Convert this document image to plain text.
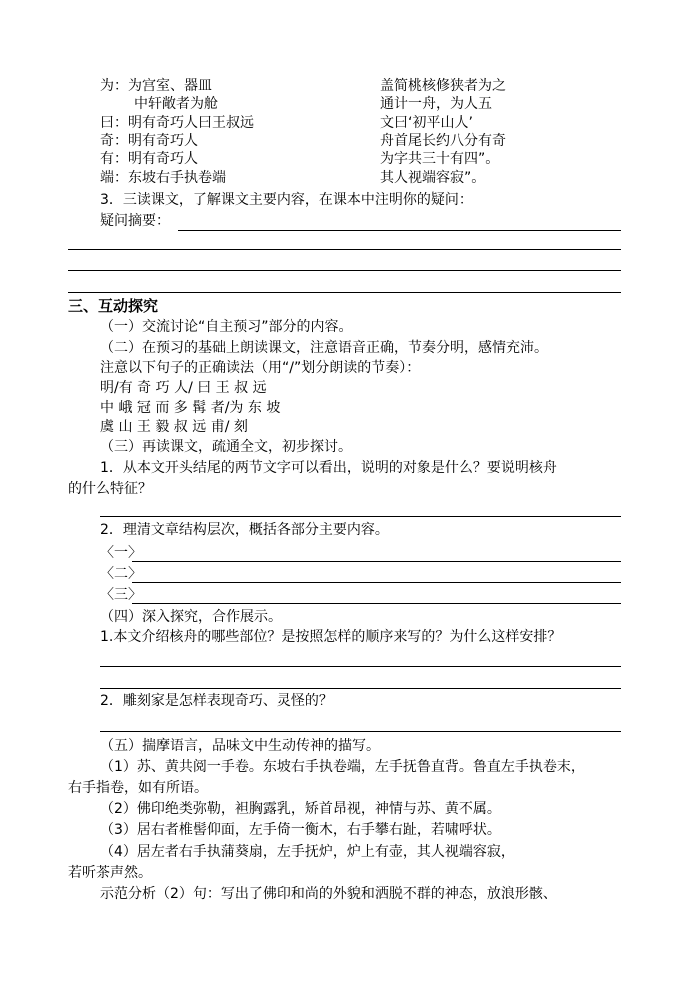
为：为宫室、器皿
中轩敞者为舱
曰：明有奇巧人曰王叔远
奇：明有奇巧人
有：明有奇巧人
端：东坡右手执卷端
盖简桃核修狭者为之
通计一舟，为人五
文曰‘初平山人’
舟首尾长约八分有奇
为字共三十有四”。
其人视端容寂”。
3．三读课文，了解课文主要内容，在课本中注明你的疑问：
疑问摘要：
三、互动探究
（一）交流讨论“自主预习”部分的内容。
（二）在预习的基础上朗读课文，注意语音正确，节奏分明，感情充沛。
注意以下句子的正确读法（用“/”划分朗读的节奏）：
明/有 奇 巧 人/ 曰 王 叔 远
中 峨 冠 而 多 髯 者/为 东 坡
虞 山 王 毅 叔 远 甫/ 刻
（三）再读课文，疏通全文，初步探讨。
1．从本文开头结尾的两节文字可以看出，说明的对象是什么？要说明核舟
的什么特征？
2．理清文章结构层次，概括各部分主要内容。
〈一〉
〈二〉
〈三〉
（四）深入探究，合作展示。
1.本文介绍核舟的哪些部位？是按照怎样的顺序来写的？为什么这样安排？
2．雕刻家是怎样表现奇巧、灵怪的？
（五）揣摩语言，品味文中生动传神的描写。
（1）苏、黄共阅一手卷。东坡右手执卷端，左手抚鲁直背。鲁直左手执卷末，
右手指卷，如有所语。
（2）佛印绝类弥勒，袒胸露乳，矫首昂视，神情与苏、黄不属。
（3）居右者椎髻仰面，左手倚一衡木，右手攀右趾，若啸呼状。
（4）居左者右手执蒲葵扇，左手抚炉，炉上有壶，其人视端容寂，
若听茶声然。
示范分析（2）句：写出了佛印和尚的外貌和洒脱不群的神态，放浪形骸、
